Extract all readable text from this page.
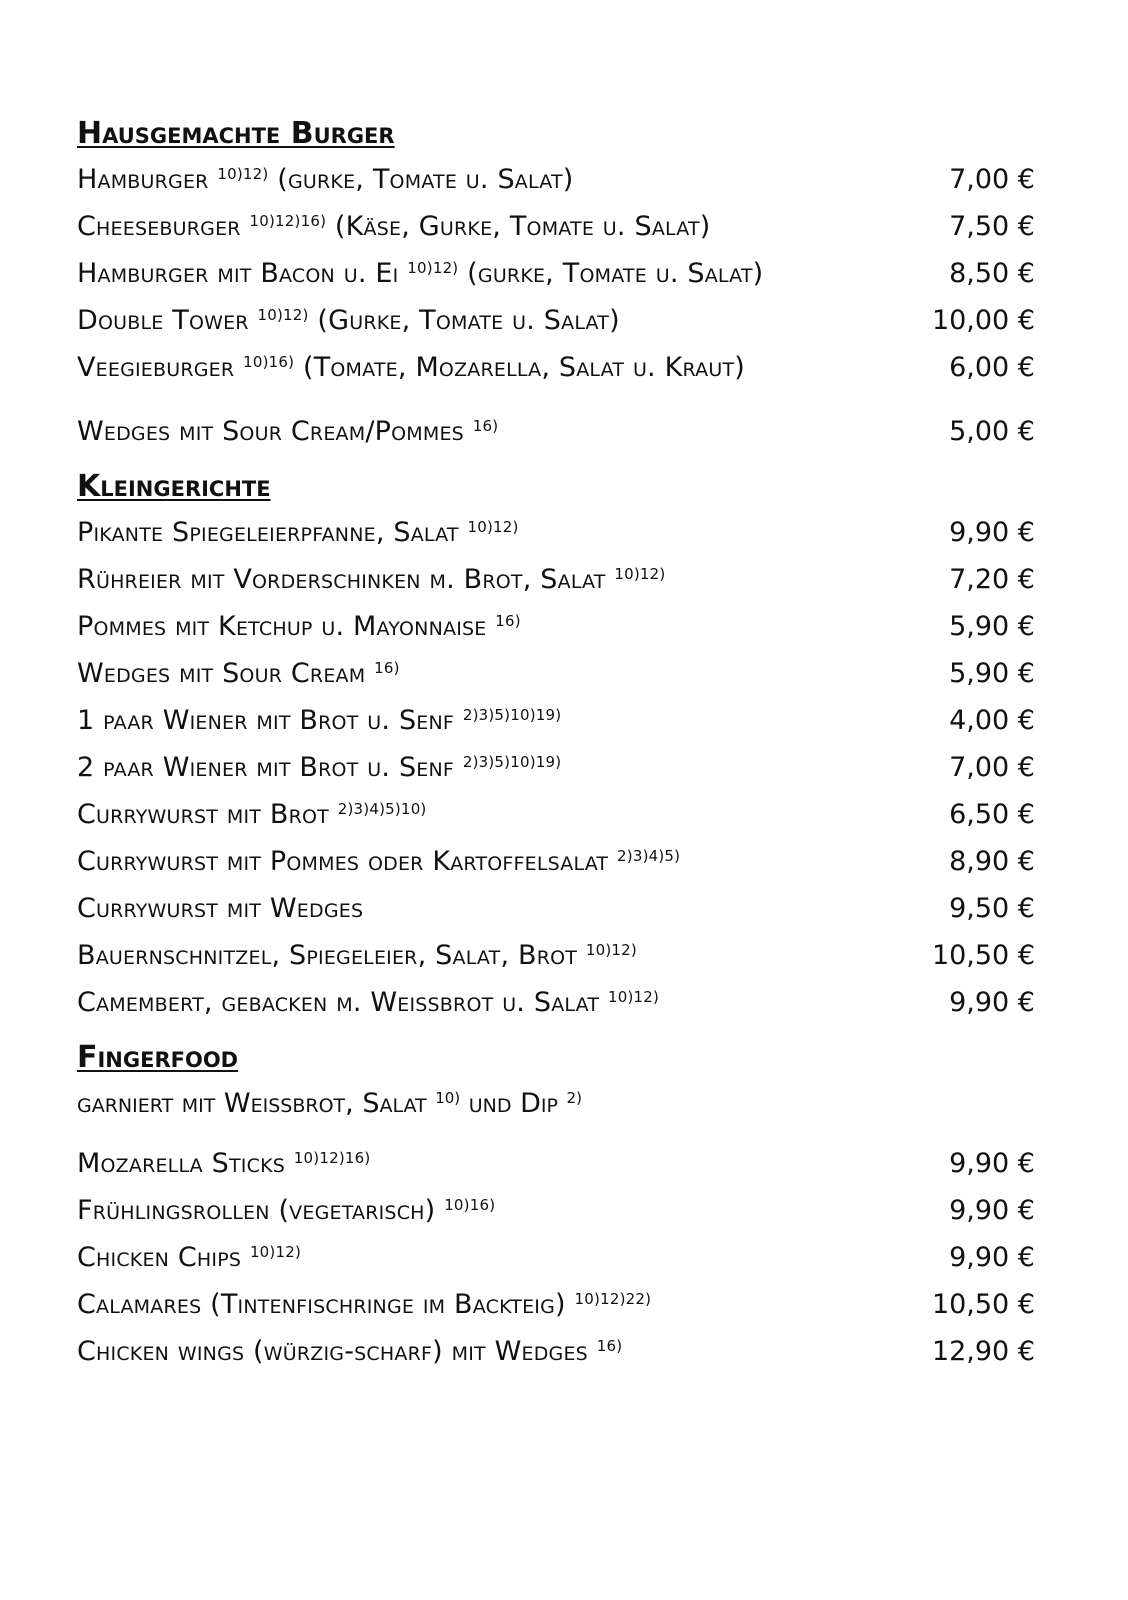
Hausgemachte Burger
Hamburger $^{10)12)}$ (gurke, Tomate u. Salat)	7,00 €
Cheeseburger $^{10)12)16)}$ (Käse, Gurke, Tomate u. Salat)	7,50 €
Hamburger mit Bacon u. Ei $^{10)12)}$ (gurke, Tomate u. Salat)	8,50 €
Double Tower $^{10)12)}$ (Gurke, Tomate u. Salat)	10,00 €
Veegieburger $^{10)16)}$ (Tomate, Mozarella, Salat u. Kraut)	6,00 €
Wedges mit Sour Cream/Pommes $^{16)}$	5,00 €
Kleingerichte
Pikante Spiegeleierpfanne, Salat $^{10)12)}$	9,90 €
Rühreier mit Vorderschinken m. Brot, Salat $^{10)12)}$	7,20 €
Pommes mit Ketchup u. Mayonnaise $^{16)}$	5,90 €
Wedges mit Sour Cream $^{16)}$	5,90 €
1 paar Wiener mit Brot u. Senf $^{2)3)5)10)19)}$	4,00 €
2 paar Wiener mit Brot u. Senf $^{2)3)5)10)19)}$	7,00 €
Currywurst mit Brot $^{2)3)4)5)10)}$	6,50 €
Currywurst mit Pommes oder Kartoffelsalat $^{2)3)4)5)}$	8,90 €
Currywurst mit Wedges	9,50 €
Bauernschnitzel, Spiegeleier, Salat, Brot $^{10)12)}$	10,50 €
Camembert, gebacken m. Weissbrot u. Salat $^{10)12)}$	9,90 €
Fingerfood
garniert mit Weissbrot, Salat $^{10)}$ und Dip $^{2)}$
Mozarella Sticks $^{10)12)16)}$	9,90 €
Frühlingsrollen (vegetarisch) $^{10)16)}$	9,90 €
Chicken Chips $^{10)12)}$	9,90 €
Calamares (Tintenfischringe im Backteig) $^{10)12)22)}$	10,50 €
Chicken wings (würzig-scharf) mit Wedges $^{16)}$	12,90 €
